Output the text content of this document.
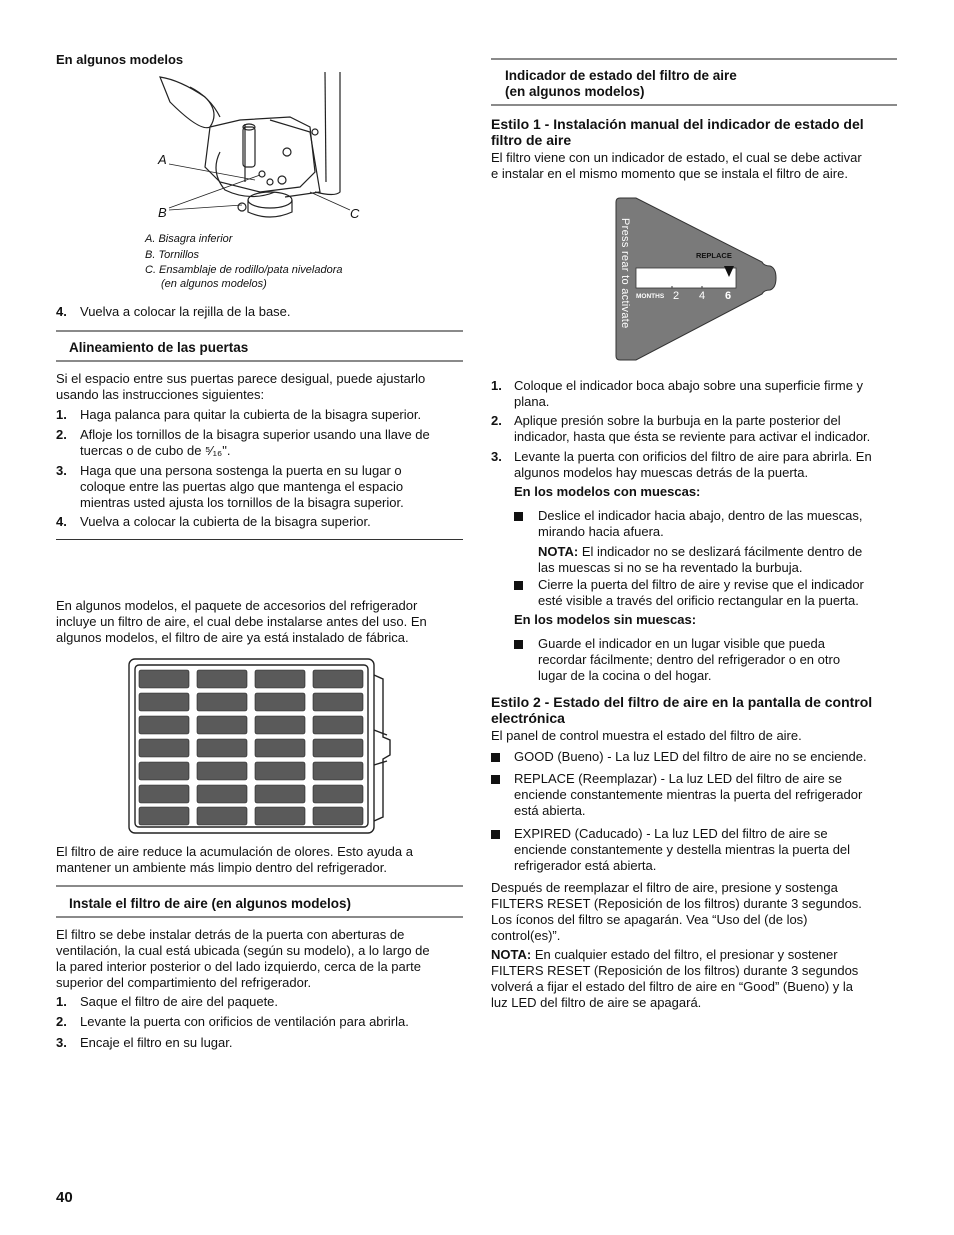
En algunos modelos
A
B	C
A. Bisagra inferior
B. Tornillos
C. Ensamblaje de rodillo/pata niveladora
(en algunos modelos)
4. Vuelva a colocar la rejilla de la base.
Alineamiento de las puertas

Si el espacio entre sus puertas parece desigual, puede ajustarlo

usando las instrucciones siguientes:

1. Haga palanca para quitar la cubierta de la bisagra superior.
2. Afloje los tornillos de la bisagra superior usando una llave de

tuercas o de cubo de ⁵⁄₁₆".

3. Haga que una persona sostenga la puerta en su lugar o

coloque entre las puertas algo que mantenga el espacio

mientras usted ajusta los tornillos de la bisagra superior.

4. Vuelva a colocar la cubierta de la bisagra superior.

En algunos modelos, el paquete de accesorios del refrigerador

incluye un filtro de aire, el cual debe instalarse antes del uso. En

algunos modelos, el filtro de aire ya está instalado de fábrica.

El filtro de aire reduce la acumulación de olores. Esto ayuda a

mantener un ambiente más limpio dentro del refrigerador.

Instale el filtro de aire (en algunos modelos)

El filtro se debe instalar detrás de la puerta con aberturas de

ventilación, la cual está ubicada (según su modelo), a lo largo de

la pared interior posterior o del lado izquierdo, cerca de la parte

superior del compartimiento del refrigerador.

1. Saque el filtro de aire del paquete.
2. Levante la puerta con orificios de ventilación para abrirla.
3. Encaje el filtro en su lugar.
40
Indicador de estado del filtro de aire
(en algunos modelos)

Estilo 1 - Instalación manual del indicador de estado del

filtro de aire

El filtro viene con un indicador de estado, el cual se debe activar

e instalar en el mismo momento que se instala el filtro de aire.

Press rear to activate	REPLACE
MONTHS 2 4 6
1. Coloque el indicador boca abajo sobre una superficie firme y

plana.

2. Aplique presión sobre la burbuja en la parte posterior del

indicador, hasta que ésta se reviente para activar el indicador.

3. Levante la puerta con orificios del filtro de aire para abrirla. En

algunos modelos hay muescas detrás de la puerta.

En los modelos con muescas:

Deslice el indicador hacia abajo, dentro de las muescas,

mirando hacia afuera.

NOTA: El indicador no se deslizará fácilmente dentro de

las muescas si no se ha reventado la burbuja.

Cierre la puerta del filtro de aire y revise que el indicador

esté visible a través del orificio rectangular en la puerta.

En los modelos sin muescas:

Guarde el indicador en un lugar visible que pueda

recordar fácilmente; dentro del refrigerador o en otro

lugar de la cocina o del hogar.

Estilo 2 - Estado del filtro de aire en la pantalla de control

electrónica

El panel de control muestra el estado del filtro de aire.
GOOD (Bueno) - La luz LED del filtro de aire no se enciende.

REPLACE (Reemplazar) - La luz LED del filtro de aire se

enciende constantemente mientras la puerta del refrigerador

está abierta.

EXPIRED (Caducado) - La luz LED del filtro de aire se

enciende constantemente y destella mientras la puerta del

refrigerador está abierta.

Después de reemplazar el filtro de aire, presione y sostenga

FILTERS RESET (Reposición de los filtros) durante 3 segundos.

Los íconos del filtro se apagarán. Vea “Uso del (de los)

control(es)”.

NOTA: En cualquier estado del filtro, el presionar y sostener

FILTERS RESET (Reposición de los filtros) durante 3 segundos

volverá a fijar el estado del filtro de aire en “Good” (Bueno) y la

luz LED del filtro de aire se apagará.
